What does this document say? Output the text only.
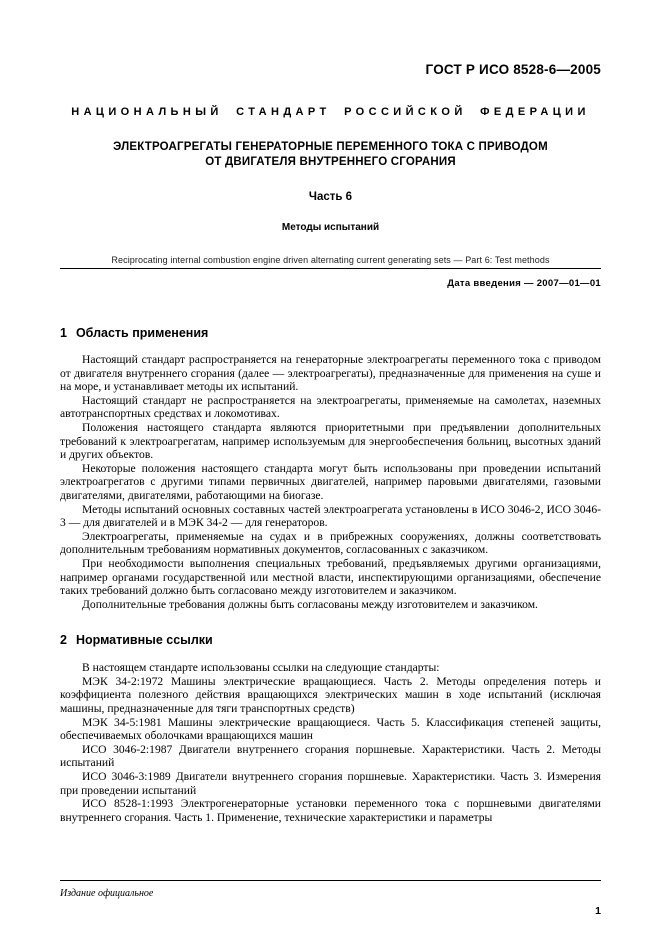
ГОСТ Р ИСО 8528-6—2005
НАЦИОНАЛЬНЫЙ СТАНДАРТ РОССИЙСКОЙ ФЕДЕРАЦИИ
ЭЛЕКТРОАГРЕГАТЫ ГЕНЕРАТОРНЫЕ ПЕРЕМЕННОГО ТОКА С ПРИВОДОМ
ОТ ДВИГАТЕЛЯ ВНУТРЕННЕГО СГОРАНИЯ
Часть 6
Методы испытаний
Reciprocating internal combustion engine driven alternating current generating sets — Part 6: Test methods
Дата введения — 2007—01—01
1 Область применения

Настоящий стандарт распространяется на генераторные электроагрегаты переменного тока с приводом от двигателя внутреннего сгорания (далее — электроагрегаты), предназначенные для применения на суше и на море, и устанавливает методы их испытаний.

Настоящий стандарт не распространяется на электроагрегаты, применяемые на самолетах, наземных автотранспортных средствах и локомотивах.

Положения настоящего стандарта являются приоритетными при предъявлении дополнительных требований к электроагрегатам, например используемым для энергообеспечения больниц, высотных зданий и других объектов.

Некоторые положения настоящего стандарта могут быть использованы при проведении испытаний электроагрегатов с другими типами первичных двигателей, например паровыми двигателями, газовыми двигателями, двигателями, работающими на биогазе.

Методы испытаний основных составных частей электроагрегата установлены в ИСО 3046-2, ИСО 3046-3 — для двигателей и в МЭК 34-2 — для генераторов.

Электроагрегаты, применяемые на судах и в прибрежных сооружениях, должны соответствовать дополнительным требованиям нормативных документов, согласованных с заказчиком.

При необходимости выполнения специальных требований, предъявляемых другими организациями, например органами государственной или местной власти, инспектирующими организациями, обеспечение таких требований должно быть согласовано между изготовителем и заказчиком.

Дополнительные требования должны быть согласованы между изготовителем и заказчиком.

2 Нормативные ссылки

В настоящем стандарте использованы ссылки на следующие стандарты:

МЭК 34-2:1972 Машины электрические вращающиеся. Часть 2. Методы определения потерь и коэффициента полезного действия вращающихся электрических машин в ходе испытаний (исключая машины, предназначенные для тяги транспортных средств)

МЭК 34-5:1981 Машины электрические вращающиеся. Часть 5. Классификация степеней защиты, обеспечиваемых оболочками вращающихся машин

ИСО 3046-2:1987 Двигатели внутреннего сгорания поршневые. Характеристики. Часть 2. Методы испытаний

ИСО 3046-3:1989 Двигатели внутреннего сгорания поршневые. Характеристики. Часть 3. Измерения при проведении испытаний

ИСО 8528-1:1993 Электрогенераторные установки переменного тока с поршневыми двигателями внутреннего сгорания. Часть 1. Применение, технические характеристики и параметры

Издание официальное
1
